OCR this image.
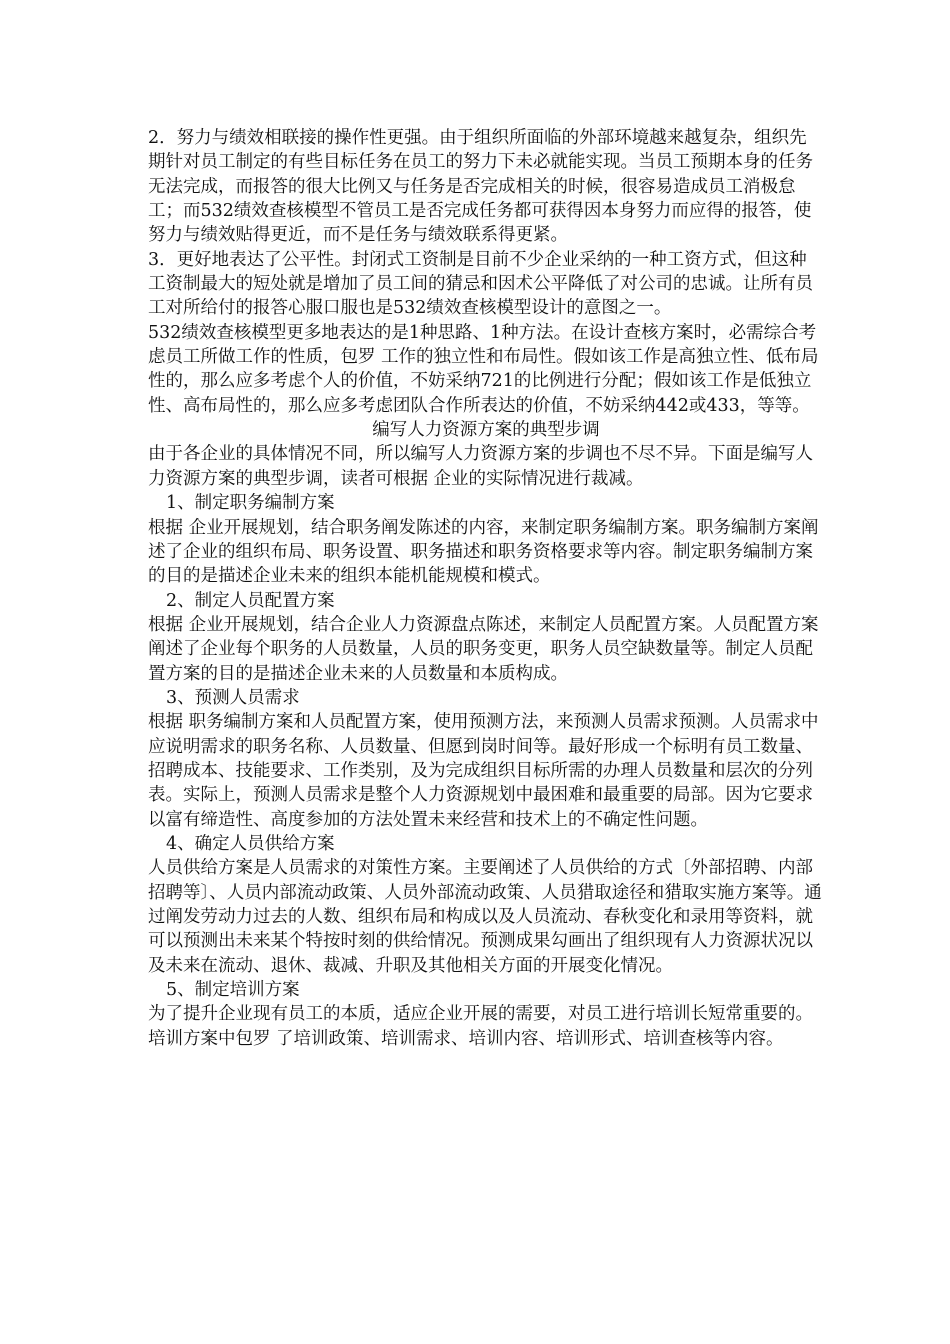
2．努力与绩效相联接的操作性更强。由于组织所面临的外部环境越来越复杂，组织先期针对员工制定的有些目标任务在员工的努力下未必就能实现。当员工预期本身的任务无法完成，而报答的很大比例又与任务是否完成相关的时候，很容易造成员工消极怠工；而532绩效查核模型不管员工是否完成任务都可获得因本身努力而应得的报答，使努力与绩效贴得更近，而不是任务与绩效联系得更紧。

3．更好地表达了公平性。封闭式工资制是目前不少企业采纳的一种工资方式，但这种工资制最大的短处就是增加了员工间的猜忌和因术公平降低了对公司的忠诚。让所有员工对所给付的报答心服口服也是532绩效查核模型设计的意图之一。

532绩效查核模型更多地表达的是1种思路、1种方法。在设计查核方案时，必需综合考虑员工所做工作的性质，包罗 工作的独立性和布局性。假如该工作是高独立性、低布局性的，那么应多考虑个人的价值，不妨采纳721的比例进行分配；假如该工作是低独立性、高布局性的，那么应多考虑团队合作所表达的价值，不妨采纳442或433，等等。

编写人力资源方案的典型步调

由于各企业的具体情况不同，所以编写人力资源方案的步调也不尽不异。下面是编写人力资源方案的典型步调，读者可根据 企业的实际情况进行裁减。

1、制定职务编制方案

根据 企业开展规划，结合职务阐发陈述的内容，来制定职务编制方案。职务编制方案阐述了企业的组织布局、职务设置、职务描述和职务资格要求等内容。制定职务编制方案的目的是描述企业未来的组织本能机能规模和模式。

2、制定人员配置方案

根据 企业开展规划，结合企业人力资源盘点陈述，来制定人员配置方案。人员配置方案阐述了企业每个职务的人员数量，人员的职务变更，职务人员空缺数量等。制定人员配置方案的目的是描述企业未来的人员数量和本质构成。

3、预测人员需求

根据 职务编制方案和人员配置方案，使用预测方法，来预测人员需求预测。人员需求中应说明需求的职务名称、人员数量、但愿到岗时间等。最好形成一个标明有员工数量、招聘成本、技能要求、工作类别，及为完成组织目标所需的办理人员数量和层次的分列表。实际上，预测人员需求是整个人力资源规划中最困难和最重要的局部。因为它要求以富有缔造性、高度参加的方法处置未来经营和技术上的不确定性问题。

4、确定人员供给方案

人员供给方案是人员需求的对策性方案。主要阐述了人员供给的方式〔外部招聘、内部招聘等〕、人员内部流动政策、人员外部流动政策、人员猎取途径和猎取实施方案等。通过阐发劳动力过去的人数、组织布局和构成以及人员流动、春秋变化和录用等资料，就可以预测出未来某个特按时刻的供给情况。预测成果勾画出了组织现有人力资源状况以及未来在流动、退休、裁减、升职及其他相关方面的开展变化情况。

5、制定培训方案

为了提升企业现有员工的本质，适应企业开展的需要，对员工进行培训长短常重要的。培训方案中包罗 了培训政策、培训需求、培训内容、培训形式、培训查核等内容。
